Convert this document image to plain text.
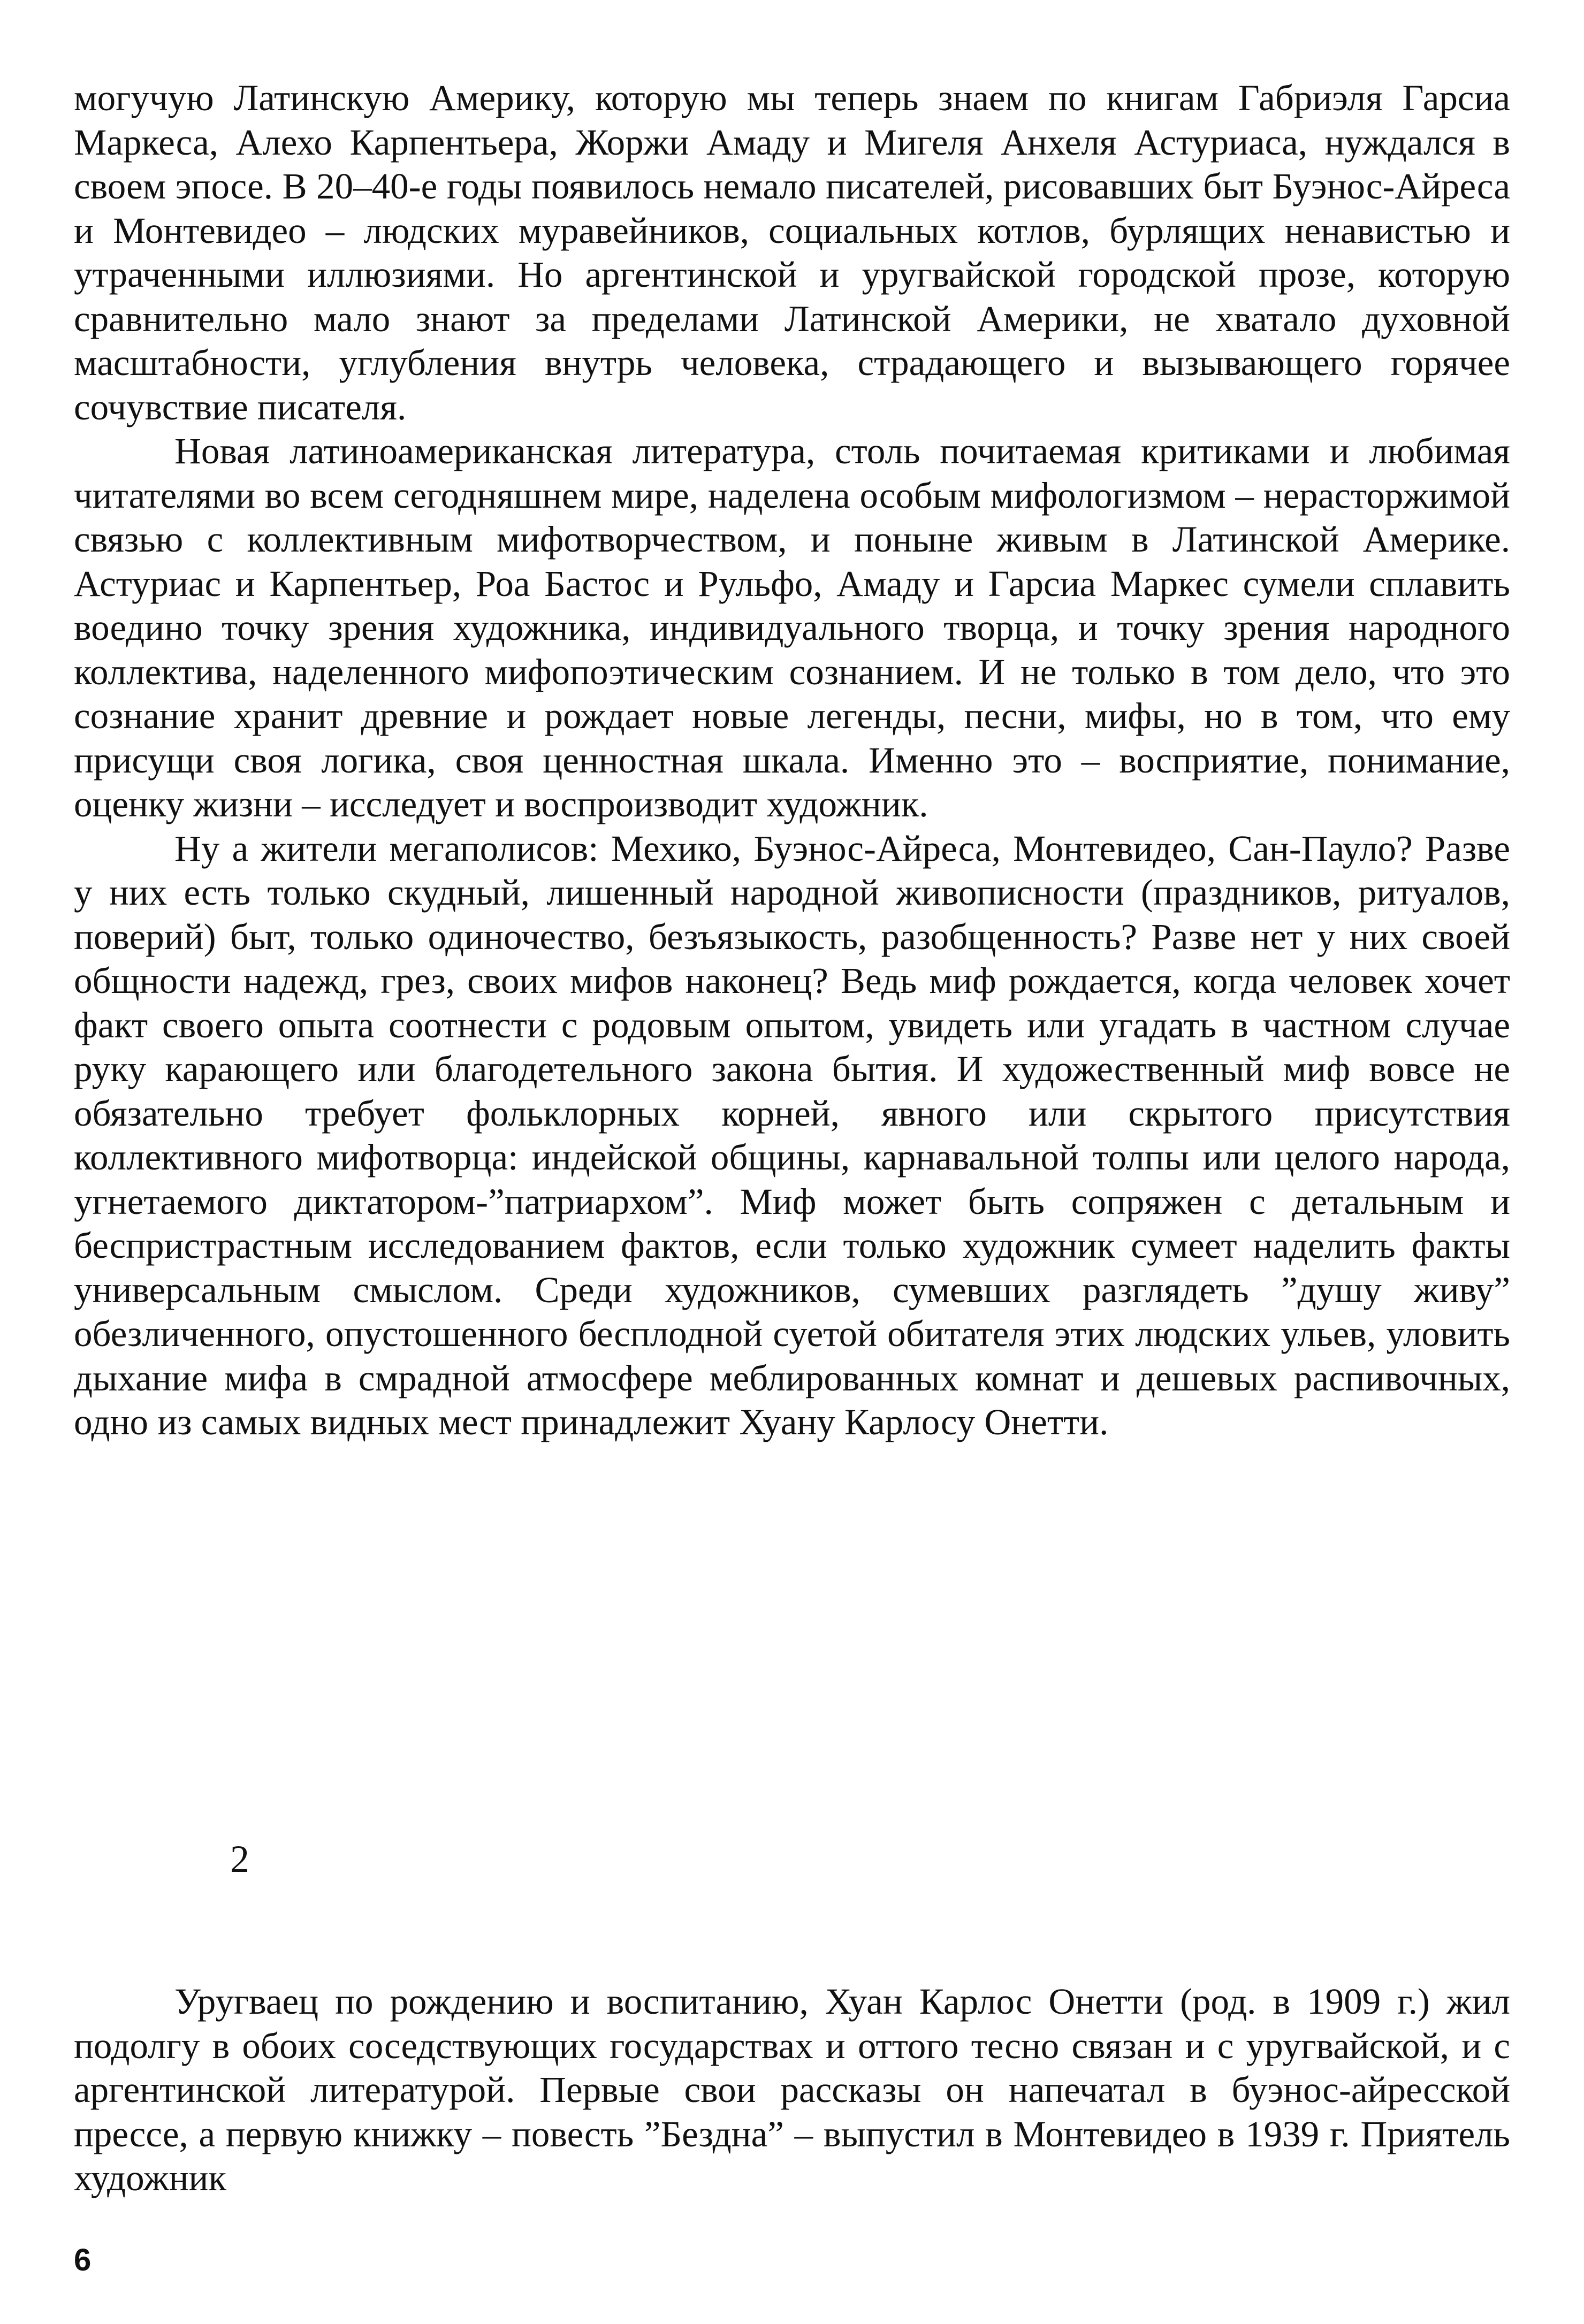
могучую Латинскую Америку, которую мы теперь знаем по книгам Габриэля Гарсиа Маркеса, Алехо Карпентьера, Жоржи Амаду и Мигеля Анхеля Астуриаса, нуждался в своем эпосе. В 20–40-е годы появилось немало писателей, рисовавших быт Буэнос-Айреса и Монтевидео – людских муравейников, социальных котлов, бурлящих ненавистью и утраченными иллюзиями. Но аргентинской и уругвайской городской прозе, которую сравнительно мало знают за пределами Латинской Америки, не хватало духовной масштабности, углубления внутрь человека, страдающего и вызывающего горячее сочувствие писателя.

Новая латиноамериканская литература, столь почитаемая критиками и любимая читателями во всем сегодняшнем мире, наделена особым мифологизмом – нерасторжимой связью с коллективным мифотворчеством, и поныне живым в Латинской Америке. Астуриас и Карпентьер, Роа Бастос и Рульфо, Амаду и Гарсиа Маркес сумели сплавить воедино точку зрения художника, индивидуального творца, и точку зрения народного коллектива, наделенного мифопоэтическим сознанием. И не только в том дело, что это сознание хранит древние и рождает новые легенды, песни, мифы, но в том, что ему присущи своя логика, своя ценностная шкала. Именно это – восприятие, понимание, оценку жизни – исследует и воспроизводит художник.

Ну а жители мегаполисов: Мехико, Буэнос-Айреса, Монтевидео, Сан-Паулo? Разве у них есть только скудный, лишенный народной живописности (праздников, ритуалов, поверий) быт, только одиночество, безъязыкость, разобщенность? Разве нет у них своей общности надежд, грез, своих мифов наконец? Ведь миф рождается, когда человек хочет факт своего опыта соотнести с родовым опытом, увидеть или угадать в частном случае руку карающего или благодетельного закона бытия. И художественный миф вовсе не обязательно требует фольклорных корней, явного или скрытого присутствия коллективного мифотворца: индейской общины, карнавальной толпы или целого народа, угнетаемого диктатором-”патриархом”. Миф может быть сопряжен с детальным и беспристрастным исследованием фактов, если только художник сумеет наделить факты универсальным смыслом. Среди художников, сумевших разглядеть ”душу живу” обезличенного, опустошенного бесплодной суетой обитателя этих людских ульев, уловить дыхание мифа в смрадной атмосфере меблированных комнат и дешевых распивочных, одно из самых видных мест принадлежит Хуану Карлосу Онетти.

2

Уругваец по рождению и воспитанию, Хуан Карлос Онетти (род. в 1909 г.) жил подолгу в обоих соседствующих государствах и оттого тесно связан и с уругвайской, и с аргентинской литературой. Первые свои рассказы он напечатал в буэнос-айресской прессе, а первую книжку – повесть ”Бездна” – выпустил в Монтевидео в 1939 г. Приятель художник

6
